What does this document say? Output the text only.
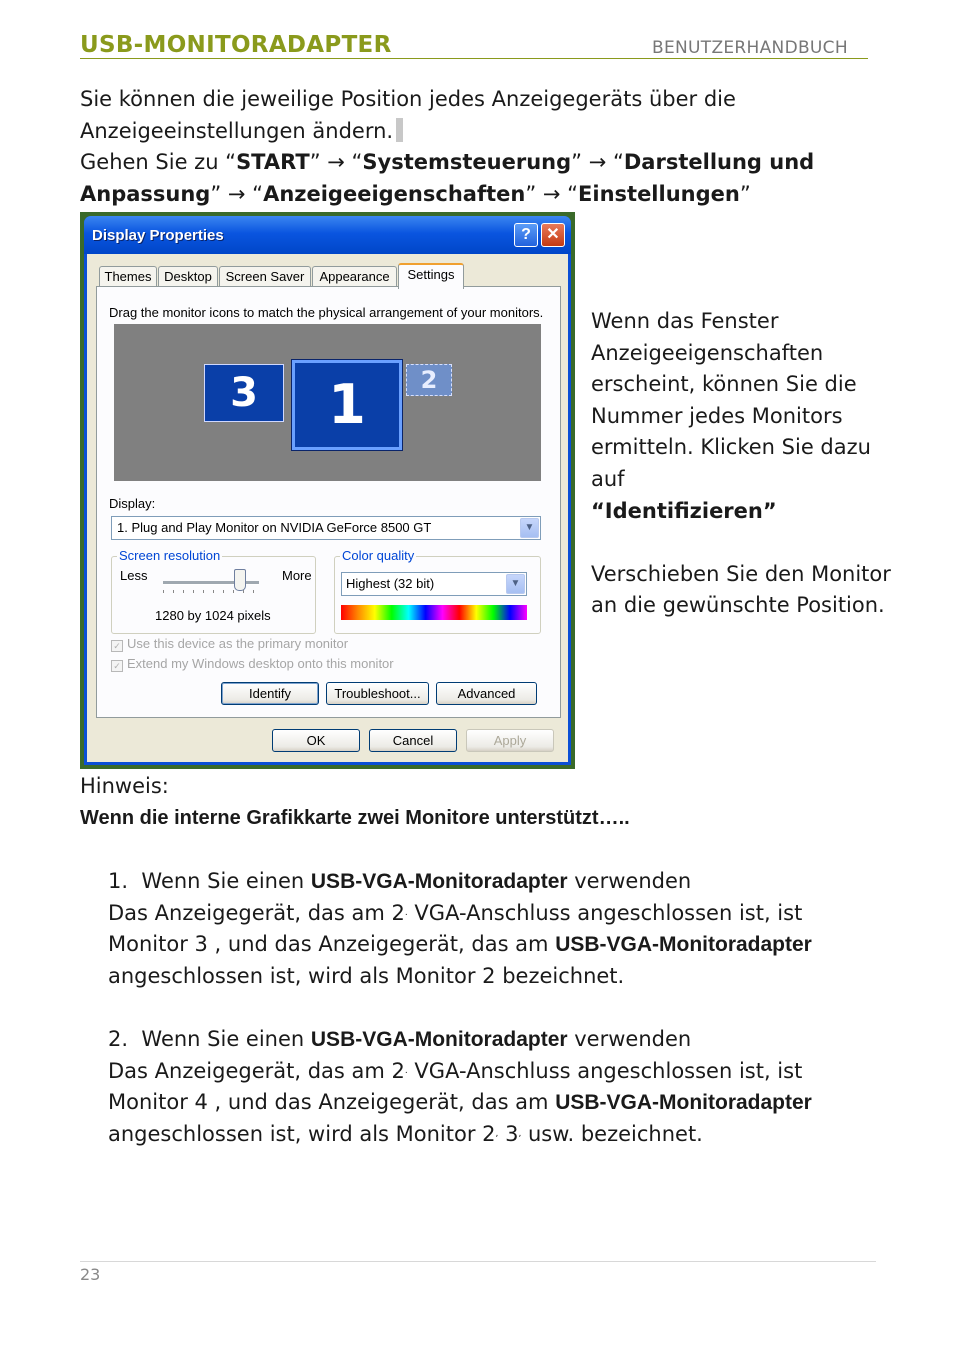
USB-MONITORADAPTER	BENUTZERHANDBUCH
Sie können die jeweilige Position jedes Anzeigegeräts über die
Anzeigeeinstellungen ändern.
Gehen Sie zu “START” → “Systemsteuerung” → “Darstellung und Anpassung” → “Anzeigeeigenschaften” → “Einstellungen”
Display Properties	? ✕
Themes Desktop	Screen Saver	Appearance	Settings
Drag the monitor icons to match the physical arrangement of your monitors.
3	1	2
Display:
1. Plug and Play Monitor on NVIDIA GeForce 8500 GT	▼
Screen resolution
Less	More
1280 by 1024 pixels
Color quality
Highest (32 bit)	▼
✓ Use this device as the primary monitor
✓ Extend my Windows desktop onto this monitor
Identify	Troubleshoot...	Advanced
OK	Cancel	Apply
Wenn das Fenster Anzeigeeigenschaften erscheint, können Sie die Nummer jedes Monitors ermitteln. Klicken Sie dazu auf
“Identifizieren”

Verschieben Sie den Monitor an die gewünschte Position.
Hinweis:
Wenn die interne Grafikkarte zwei Monitore unterstützt…..
1. Wenn Sie einen USB-VGA-Monitoradapter verwenden
Das Anzeigegerät, das am 2. VGA-Anschluss angeschlossen ist, ist
Monitor 3 , und das Anzeigegerät, das am USB-VGA-Monitoradapter
angeschlossen ist, wird als Monitor 2 bezeichnet.
2. Wenn Sie einen USB-VGA-Monitoradapter verwenden
Das Anzeigegerät, das am 2. VGA-Anschluss angeschlossen ist, ist
Monitor 4 , und das Anzeigegerät, das am USB-VGA-Monitoradapter
angeschlossen ist, wird als Monitor 2, 3, usw. bezeichnet.
23
